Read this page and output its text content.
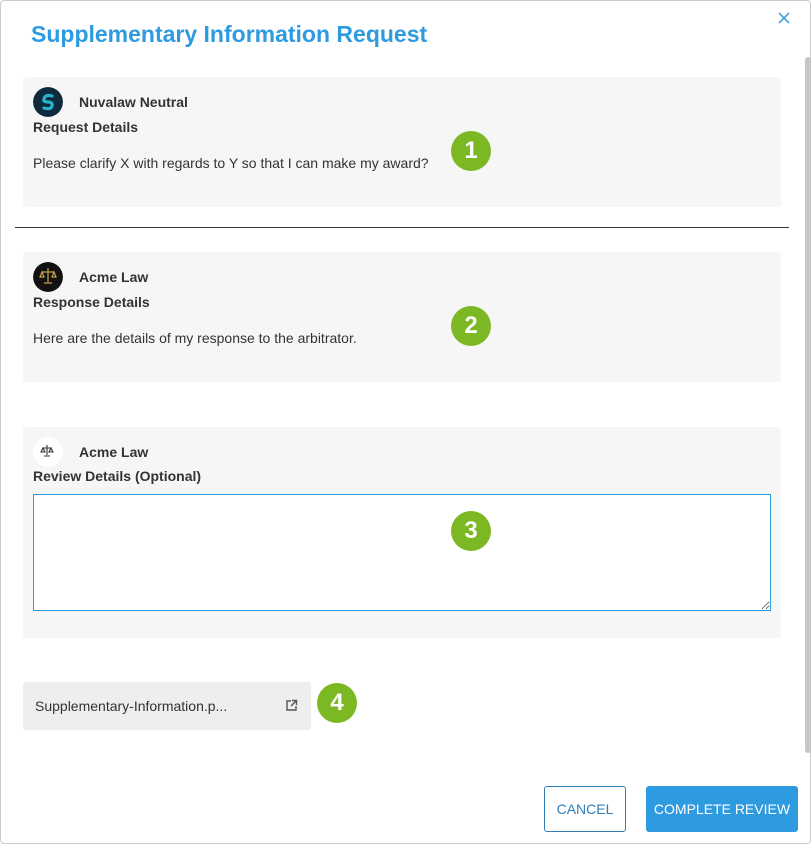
Supplementary Information Request
Nuvalaw Neutral
Request Details
Please clarify X with regards to Y so that I can make my award?	1
Acme Law
Response Details
Here are the details of my response to the arbitrator.	2
Acme Law
Review Details (Optional)
3
Supplementary-Information.p...	4
CANCEL	COMPLETE REVIEW
